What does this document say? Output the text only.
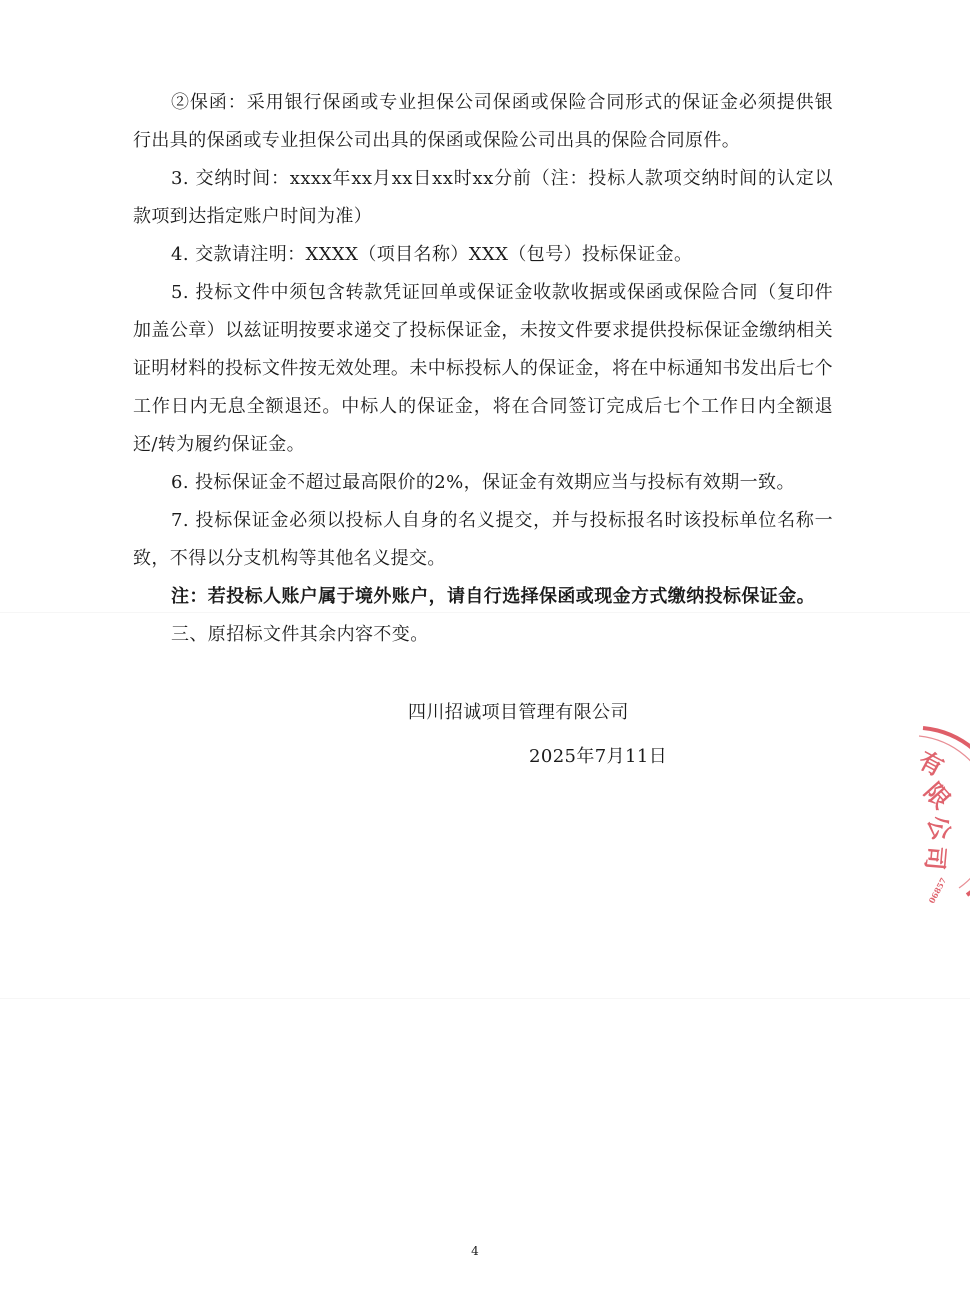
②保函：采用银行保函或专业担保公司保函或保险合同形式的保证金必须提供银行出具的保函或专业担保公司出具的保函或保险公司出具的保险合同原件。

3. 交纳时间：xxxx年xx月xx日xx时xx分前（注：投标人款项交纳时间的认定以款项到达指定账户时间为准）

4. 交款请注明：XXXX（项目名称）XXX（包号）投标保证金。

5. 投标文件中须包含转款凭证回单或保证金收款收据或保函或保险合同（复印件加盖公章）以兹证明按要求递交了投标保证金，未按文件要求提供投标保证金缴纳相关证明材料的投标文件按无效处理。未中标投标人的保证金，将在中标通知书发出后七个工作日内无息全额退还。中标人的保证金，将在合同签订完成后七个工作日内全额退还/转为履约保证金。

6. 投标保证金不超过最高限价的2%，保证金有效期应当与投标有效期一致。

7. 投标保证金必须以投标人自身的名义提交，并与投标报名时该投标单位名称一致，不得以分支机构等其他名义提交。

注：若投标人账户属于境外账户，请自行选择保函或现金方式缴纳投标保证金。

三、原招标文件其余内容不变。

四川招诚项目管理有限公司
2025年7月11日	有
限
公
司
06857
4
